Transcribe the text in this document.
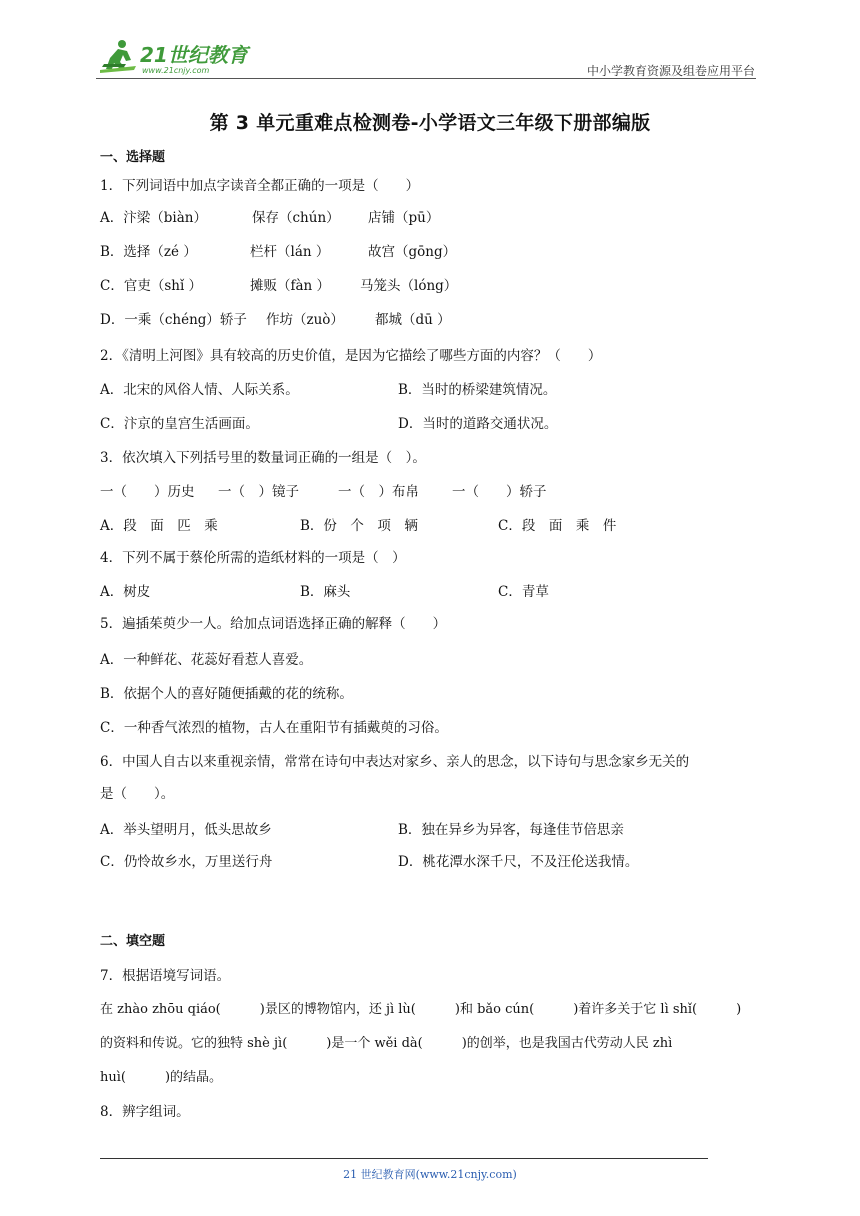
21世纪教育
www.21cnjy.com	中小学教育资源及组卷应用平台
第 3 单元重难点检测卷-小学语文三年级下册部编版
一、选择题
1．下列词语中加点字读音全都正确的一项是（　　）
A．汴梁（biàn）	保存（chún） 店铺（pū）
B．选择（zé ）	栏杆（lán ）	故宫（gōng）
C．官吏（shǐ ）	摊贩（fàn ） 马笼头（lóng）
D．一乘（chéng）轿子 作坊（zuò） 都城（dū ）
2．《清明上河图》具有较高的历史价值，是因为它描绘了哪些方面的内容？（　　）
A．北宋的风俗人情、人际关系。	B．当时的桥梁建筑情况。
C．汴京的皇宫生活画面。	D．当时的道路交通状况。
3．依次填入下列括号里的数量词正确的一组是（　）。
一（　　）历史 一（　）镜子	一（　）布帛 一（　　）轿子
A．段　面　匹　乘	B．份　个　项　辆	C．段　面　乘　件
4．下列不属于蔡伦所需的造纸材料的一项是（　）
A．树皮	B．麻头	C．青草
5．遍插茱萸少一人。给加点词语选择正确的解释（　　）
A．一种鲜花、花蕊好看惹人喜爱。
B．依据个人的喜好随便插戴的花的统称。
C．一种香气浓烈的植物，古人在重阳节有插戴萸的习俗。
6．中国人自古以来重视亲情，常常在诗句中表达对家乡、亲人的思念，以下诗句与思念家乡无关的
是（　　）。
A．举头望明月，低头思故乡	B．独在异乡为异客，每逢佳节倍思亲
C．仍怜故乡水，万里送行舟	D．桃花潭水深千尺，不及汪伦送我情。
二、填空题
7．根据语境写词语。
在 zhào zhōu qiáo(　　　)景区的博物馆内，还 jì lù(　　　)和 bǎo cún(　　　)着许多关于它 lì shǐ(　　　)
的资料和传说。它的独特 shè jì(　　　)是一个 wěi dà(　　　)的创举，也是我国古代劳动人民 zhì
huì(　　　)的结晶。
8．辨字组词。
21 世纪教育网(www.21cnjy.com)
